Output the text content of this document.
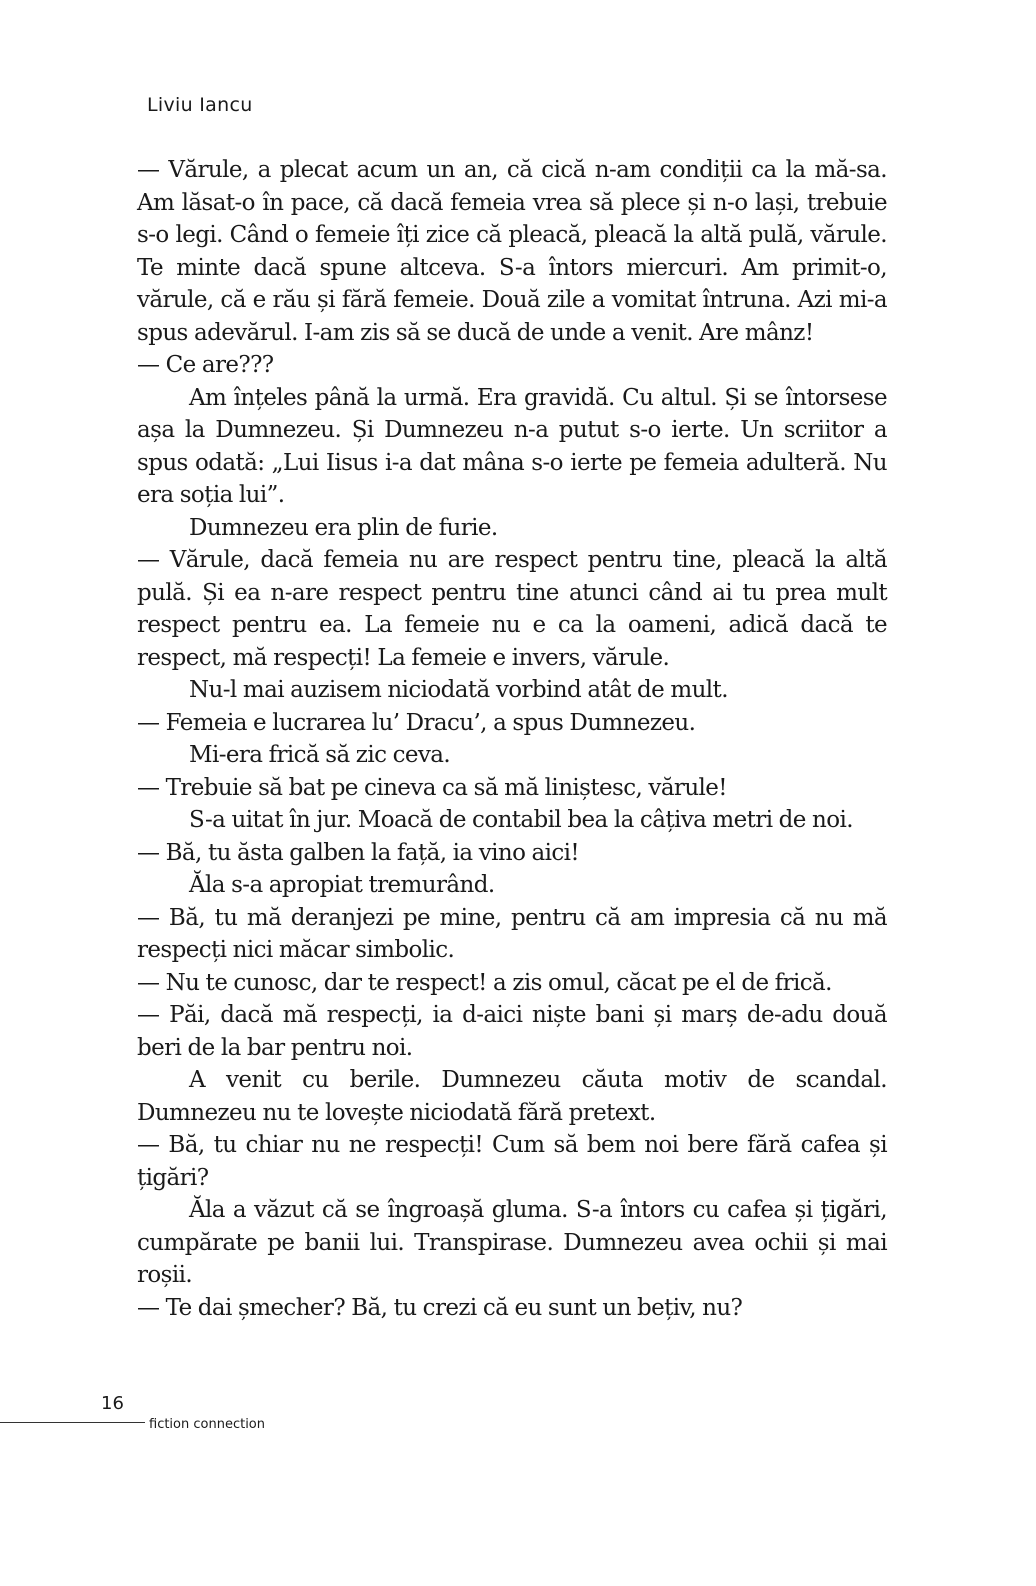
Liviu Iancu

— Vărule, a plecat acum un an, că cică n-am condiții ca la mă-sa. Am lăsat-o în pace, că dacă femeia vrea să plece și n-o lași, trebuie s-o legi. Când o femeie îți zice că pleacă, pleacă la altă pulă, vărule. Te minte dacă spune altceva. S-a întors miercuri. Am primit-o, vărule, că e rău și fără femeie. Două zile a vomitat întruna. Azi mi-a spus adevărul. I-am zis să se ducă de unde a venit. Are mânz!

— Ce are???

Am înțeles până la urmă. Era gravidă. Cu altul. Și se întorsese așa la Dumnezeu. Și Dumnezeu n-a putut s-o ierte. Un scriitor a spus odată: „Lui Iisus i-a dat mâna s-o ierte pe femeia adulteră. Nu era soția lui”.

Dumnezeu era plin de furie.

— Vărule, dacă femeia nu are respect pentru tine, pleacă la altă pulă. Și ea n-are respect pentru tine atunci când ai tu prea mult respect pentru ea. La femeie nu e ca la oameni, adică dacă te respect, mă respecți! La femeie e invers, vărule.

Nu-l mai auzisem niciodată vorbind atât de mult.

— Femeia e lucrarea lu’ Dracu’, a spus Dumnezeu.

Mi-era frică să zic ceva.

— Trebuie să bat pe cineva ca să mă liniștesc, vărule!

S-a uitat în jur. Moacă de contabil bea la câțiva metri de noi.

— Bă, tu ăsta galben la față, ia vino aici!

Ăla s-a apropiat tremurând.

— Bă, tu mă deranjezi pe mine, pentru că am impresia că nu mă respecți nici măcar simbolic.

— Nu te cunosc, dar te respect! a zis omul, căcat pe el de frică.

— Păi, dacă mă respecți, ia d-aici niște bani și marș de-adu două beri de la bar pentru noi.

A venit cu berile. Dumnezeu căuta motiv de scandal. Dumnezeu nu te lovește niciodată fără pretext.

— Bă, tu chiar nu ne respecți! Cum să bem noi bere fără cafea și țigări?

Ăla a văzut că se îngroașă gluma. S-a întors cu cafea și țigări, cumpărate pe banii lui. Transpirase. Dumnezeu avea ochii și mai roșii.

— Te dai șmecher? Bă, tu crezi că eu sunt un bețiv, nu?

16
fiction connection
